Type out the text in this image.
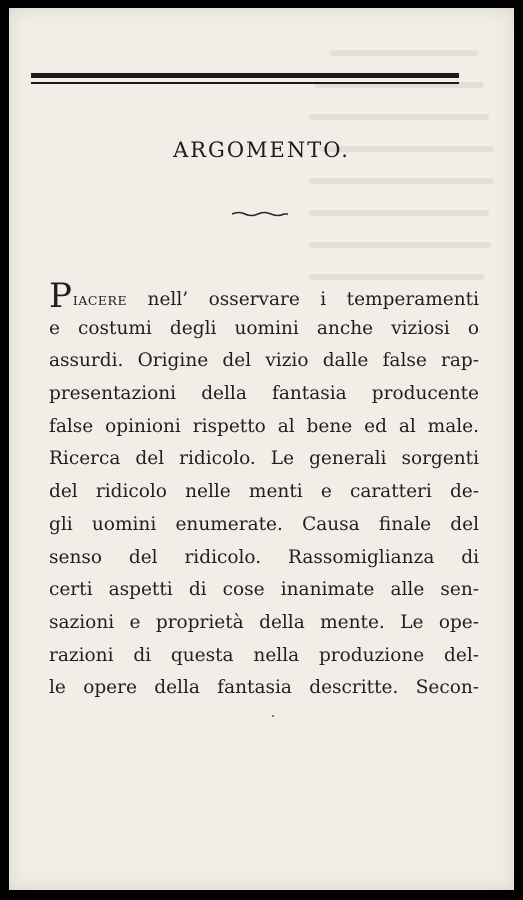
ARGOMENTO.
PIACERE nell’ osservare i temperamenti
e costumi degli uomini anche viziosi o
assurdi. Origine del vizio dalle false rap-
presentazioni della fantasia producente
false opinioni rispetto al bene ed al male.
Ricerca del ridicolo. Le generali sorgenti
del ridicolo nelle menti e caratteri de-
gli uomini enumerate. Causa finale del
senso del ridicolo. Rassomiglianza di
certi aspetti di cose inanimate alle sen-
sazioni e proprietà della mente. Le ope-
razioni di questa nella produzione del-
le opere della fantasia descritte. Secon-
